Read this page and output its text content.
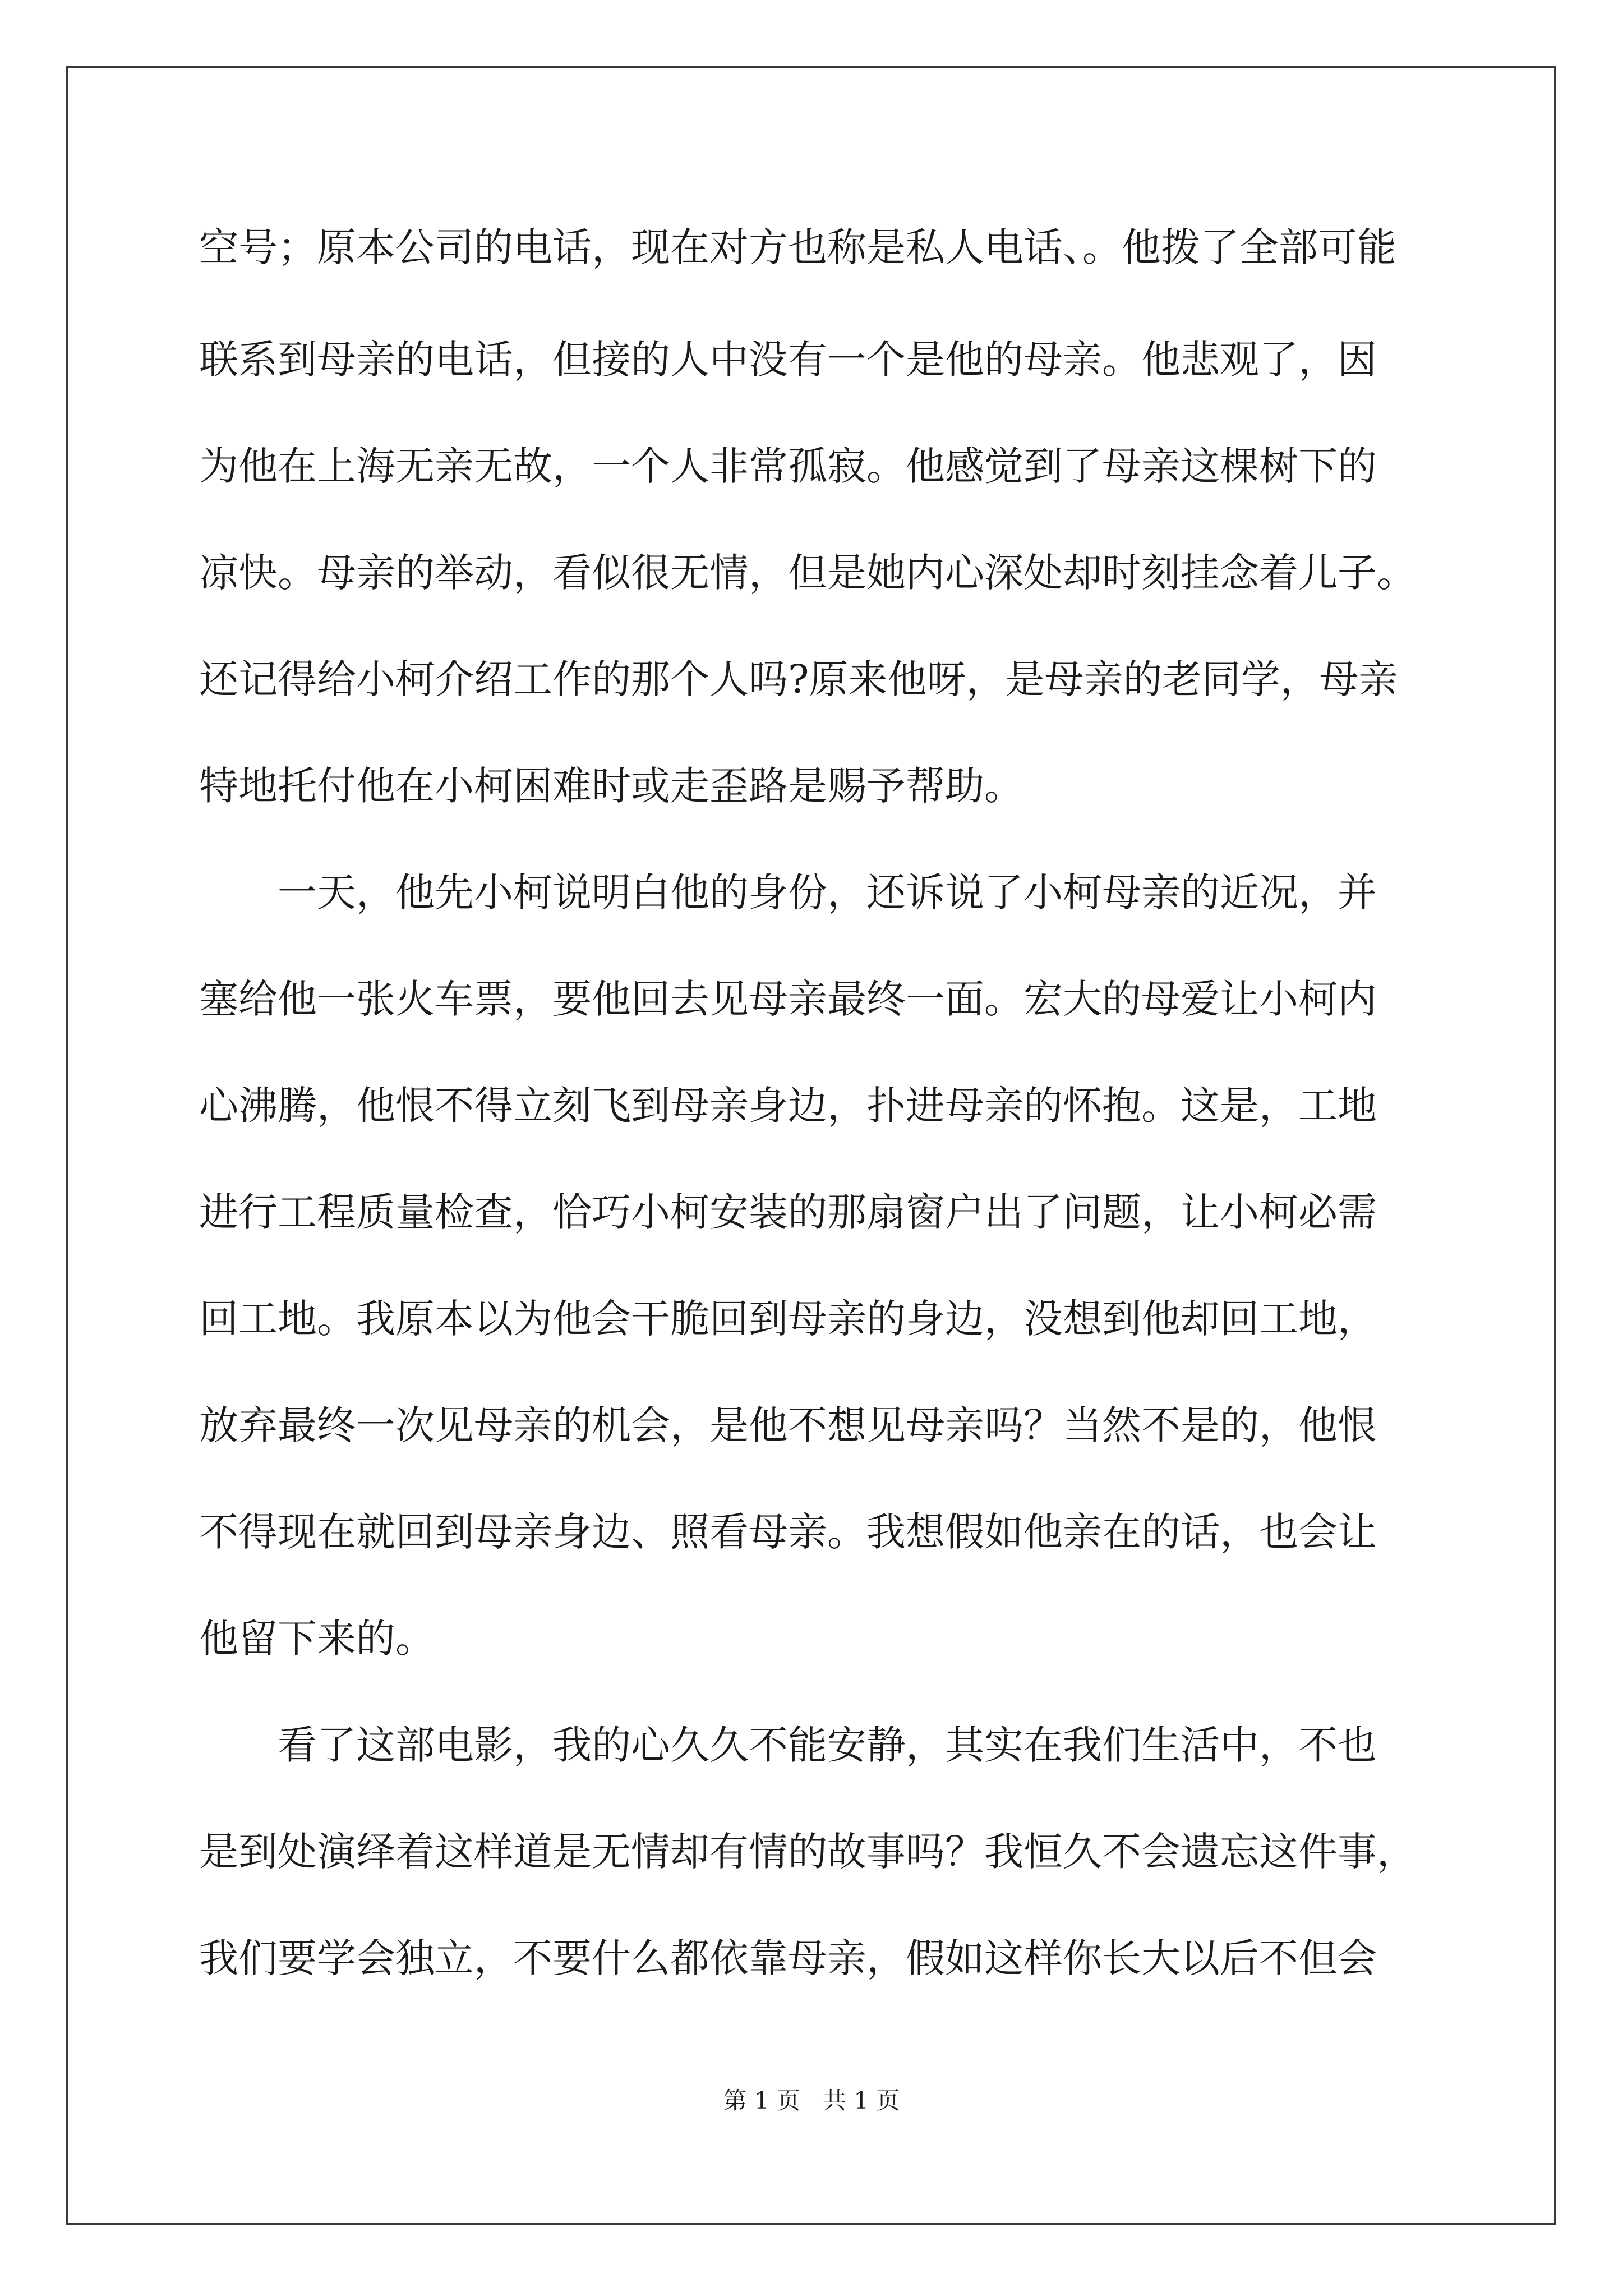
空号；原本公司的电话，现在对方也称是私人电话、。他拨了全部可能
联系到母亲的电话，但接的人中没有一个是他的母亲。他悲观了，因
为他在上海无亲无故，一个人非常孤寂。他感觉到了母亲这棵树下的
凉快。母亲的举动，看似很无情，但是她内心深处却时刻挂念着儿子。
还记得给小柯介绍工作的那个人吗?原来他呀，是母亲的老同学，母亲
特地托付他在小柯困难时或走歪路是赐予帮助。
　　一天，他先小柯说明白他的身份，还诉说了小柯母亲的近况，并
塞给他一张火车票，要他回去见母亲最终一面。宏大的母爱让小柯内
心沸腾，他恨不得立刻飞到母亲身边，扑进母亲的怀抱。这是，工地
进行工程质量检查，恰巧小柯安装的那扇窗户出了问题，让小柯必需
回工地。我原本以为他会干脆回到母亲的身边，没想到他却回工地，
放弃最终一次见母亲的机会，是他不想见母亲吗？当然不是的，他恨
不得现在就回到母亲身边、照看母亲。我想假如他亲在的话，也会让
他留下来的。
　　看了这部电影，我的心久久不能安静，其实在我们生活中，不也
是到处演绎着这样道是无情却有情的故事吗？我恒久不会遗忘这件事，
我们要学会独立，不要什么都依靠母亲，假如这样你长大以后不但会
第 1 页 共 1 页
